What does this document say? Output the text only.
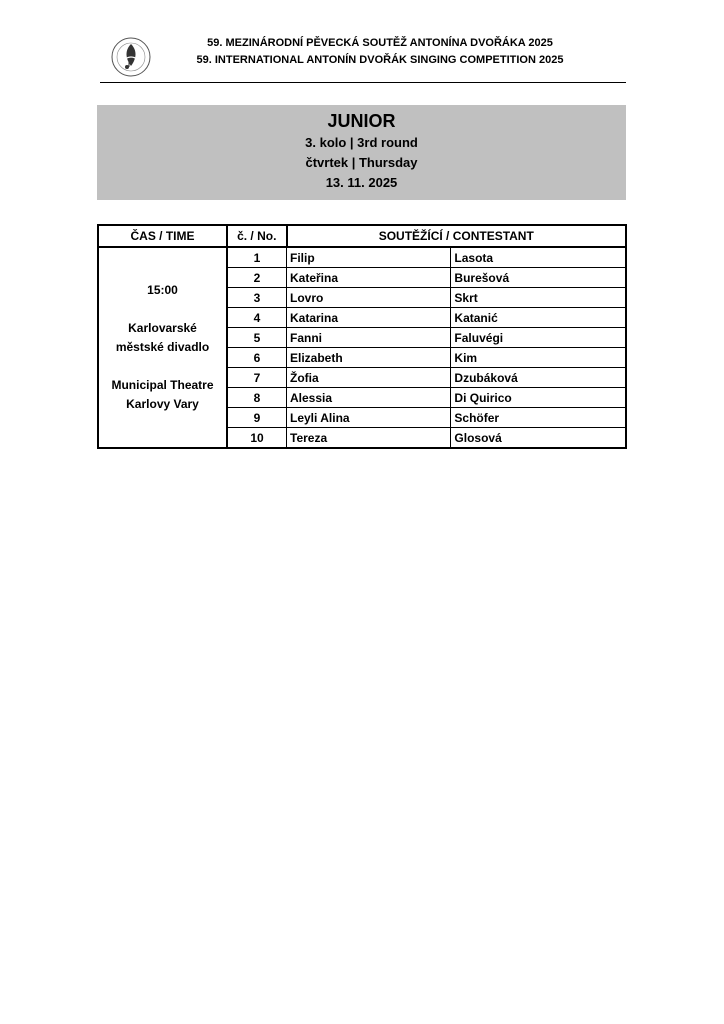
59. MEZINÁRODNÍ PĚVECKÁ SOUTĚŽ ANTONÍNA DVOŘÁKA 2025
59. INTERNATIONAL ANTONÍN DVOŘÁK SINGING COMPETITION 2025
JUNIOR
3. kolo | 3rd round
čtvrtek | Thursday
13. 11. 2025
ČAS / TIME	č. / No.	SOUTĚŽÍCÍ / CONTESTANT	

15:00

Karlovarské

městské divadlo

Municipal Theatre

Karlovy Vary	1	Filip	Lasota
	2	Kateřina	Burešová
	3	Lovro	Skrt
	4	Katarina	Katanić
	5	Fanni	Faluvégi
	6	Elizabeth	Kim
	7	Žofia	Dzubáková
	8	Alessia	Di Quirico
	9	Leyli Alina	Schöfer
	10	Tereza	Glosová
